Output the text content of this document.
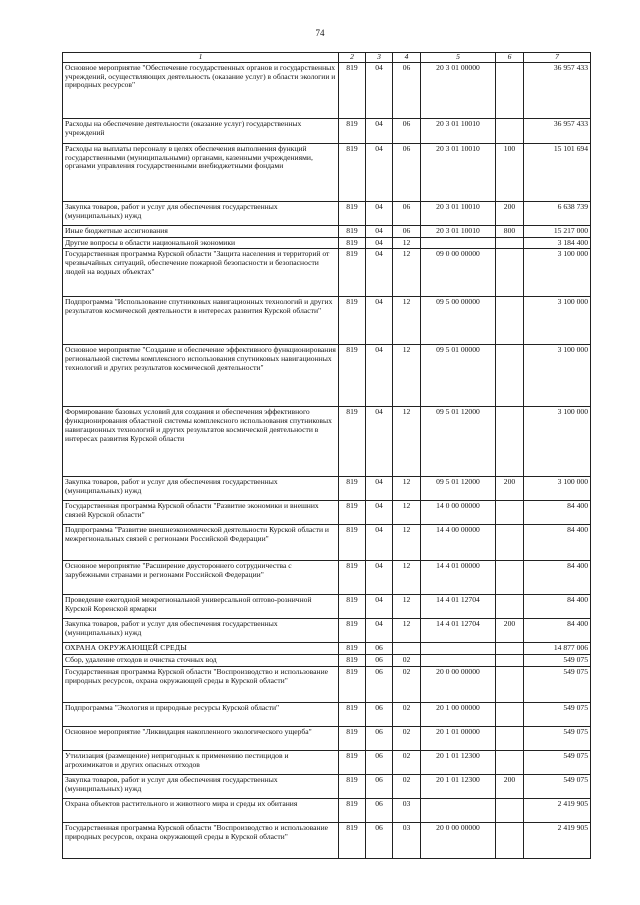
74
1	2	3	4	5	6	7
Основное мероприятие "Обеспечение государственных органов и государственных учреждений, осуществляющих деятельность (оказание услуг) в области экологии и природных ресурсов"	819	04	06	20 3 01 00000		36 957 433
Расходы на обеспечение деятельности (оказание услуг) государственных учреждений	819	04	06	20 3 01 10010		36 957 433
Расходы на выплаты персоналу в целях обеспечения выполнения функций государственными (муниципальными) органами, казенными учреждениями, органами управления государственными внебюджетными фондами	819	04	06	20 3 01 10010	100	15 101 694
Закупка товаров, работ и услуг для обеспечения государственных (муниципальных) нужд	819	04	06	20 3 01 10010	200	6 638 739
Иные бюджетные ассигнования	819	04	06	20 3 01 10010	800	15 217 000
Другие вопросы в области национальной экономики	819	04	12			3 184 400
Государственная программа Курской области "Защита населения и территорий от чрезвычайных ситуаций, обеспечение пожарной безопасности и безопасности людей на водных объектах"	819	04	12	09 0 00 00000		3 100 000
Подпрограмма "Использование спутниковых навигационных технологий и других результатов космической деятельности в интересах развития Курской области"	819	04	12	09 5 00 00000		3 100 000
Основное мероприятие "Создание и обеспечение эффективного функционирования региональной системы комплексного использования спутниковых навигационных технологий и других результатов космической деятельности"	819	04	12	09 5 01 00000		3 100 000
Формирование базовых условий для создания и обеспечения эффективного функционирования областной системы комплексного использования спутниковых навигационных технологий и других результатов космической деятельности в интересах развития Курской области	819	04	12	09 5 01 12000		3 100 000
Закупка товаров, работ и услуг для обеспечения государственных (муниципальных) нужд	819	04	12	09 5 01 12000	200	3 100 000
Государственная программа Курской области "Развитие экономики и внешних связей Курской области"	819	04	12	14 0 00 00000		84 400
Подпрограмма "Развитие внешнеэкономической деятельности Курской области и межрегиональных связей с регионами Российской Федерации"	819	04	12	14 4 00 00000		84 400
Основное мероприятие "Расширение двустороннего сотрудничества с зарубежными странами и регионами Российской Федерации"	819	04	12	14 4 01 00000		84 400
Проведение ежегодной межрегиональной универсальной оптово-розничной Курской Коренской ярмарки	819	04	12	14 4 01 12704		84 400
Закупка товаров, работ и услуг для обеспечения государственных (муниципальных) нужд	819	04	12	14 4 01 12704	200	84 400
ОХРАНА ОКРУЖАЮЩЕЙ СРЕДЫ	819	06				14 877 006
Сбор, удаление отходов и очистка сточных вод	819	06	02			549 075
Государственная программа Курской области "Воспроизводство и использование природных ресурсов, охрана окружающей среды в Курской области"	819	06	02	20 0 00 00000		549 075
Подпрограмма "Экология и природные ресурсы Курской области"	819	06	02	20 1 00 00000		549 075
Основное мероприятие "Ликвидация накопленного экологического ущерба"	819	06	02	20 1 01 00000		549 075
Утилизация (размещение) непригодных к применению пестицидов и агрохимикатов и других опасных отходов	819	06	02	20 1 01 12300		549 075
Закупка товаров, работ и услуг для обеспечения государственных (муниципальных) нужд	819	06	02	20 1 01 12300	200	549 075
Охрана объектов растительного и животного мира и среды их обитания	819	06	03			2 419 905
Государственная программа Курской области "Воспроизводство и использование природных ресурсов, охрана окружающей среды в Курской области"	819	06	03	20 0 00 00000		2 419 905
